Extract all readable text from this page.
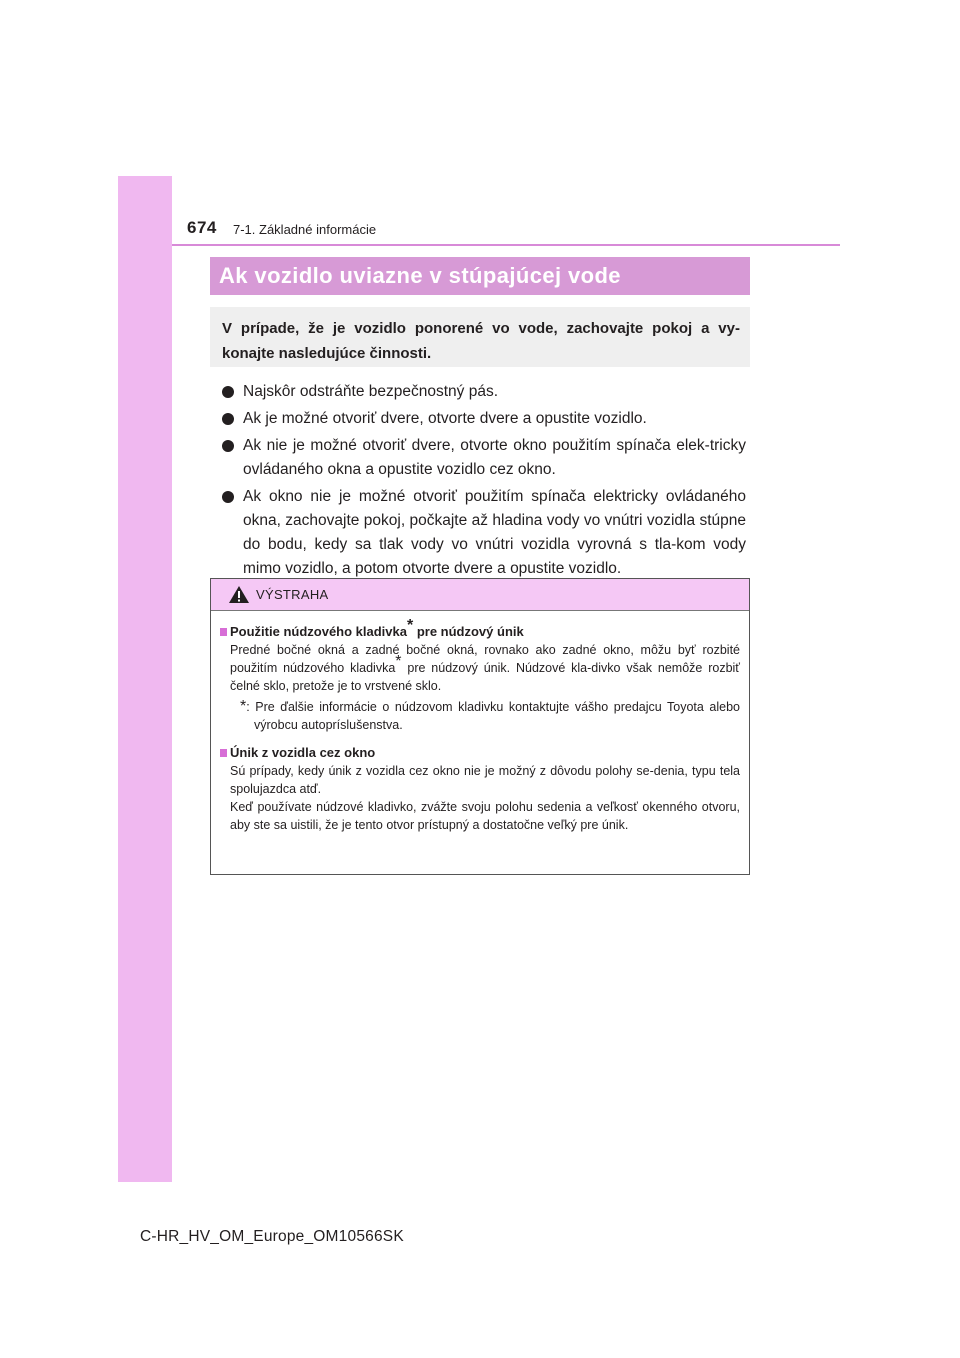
674 7-1. Základné informácie
Ak vozidlo uviazne v stúpajúcej vode
V prípade, že je vozidlo ponorené vo vode, zachovajte pokoj a vy-konajte nasledujúce činnosti.
Najskôr odstráňte bezpečnostný pás.
Ak je možné otvoriť dvere, otvorte dvere a opustite vozidlo.
Ak nie je možné otvoriť dvere, otvorte okno použitím spínača elek-tricky ovládaného okna a opustite vozidlo cez okno.
Ak okno nie je možné otvoriť použitím spínača elektricky ovládaného okna, zachovajte pokoj, počkajte až hladina vody vo vnútri vozidla stúpne do bodu, kedy sa tlak vody vo vnútri vozidla vyrovná s tla-kom vody mimo vozidlo, a potom otvorte dvere a opustite vozidlo.
VÝSTRAHA
Použitie núdzového kladivka* pre núdzový únik
Predné bočné okná a zadné bočné okná, rovnako ako zadné okno, môžu byť rozbité použitím núdzového kladivka* pre núdzový únik. Núdzové kla-divko však nemôže rozbiť čelné sklo, pretože je to vrstvené sklo.
*: Pre ďalšie informácie o núdzovom kladivku kontaktujte vášho predajcu Toyota alebo výrobcu autopríslušenstva.
Únik z vozidla cez okno
Sú prípady, kedy únik z vozidla cez okno nie je možný z dôvodu polohy se-denia, typu tela spolujazdca atď.
Keď používate núdzové kladivko, zvážte svoju polohu sedenia a veľkosť okenného otvoru, aby ste sa uistili, že je tento otvor prístupný a dostatočne veľký pre únik.
C-HR_HV_OM_Europe_OM10566SK
